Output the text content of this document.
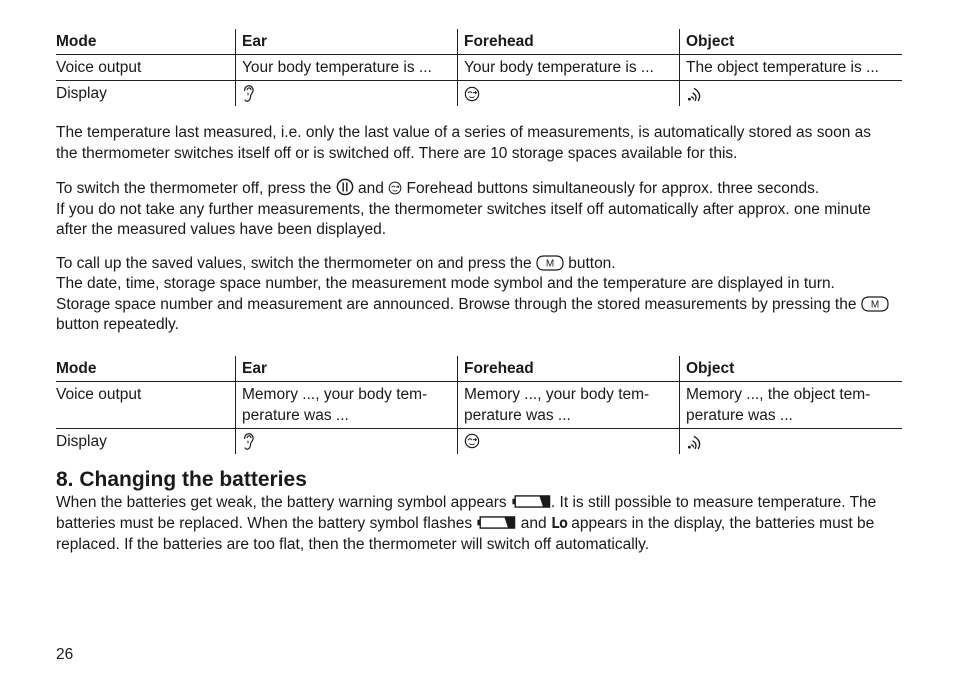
Mode	Ear	Forehead	Object
Voice output	Your body temperature is ...	Your body temperature is ...	The object temperature is ...
Display			

The temperature last measured, i.e. only the last value of a series of measurements, is automatically stored as soon as the thermometer switches itself off or is switched off. There are 10 storage spaces available for this.

To switch the thermometer off, press the  and  Forehead buttons simultaneously for approx. three seconds.
If you do not take any further measurements, the thermometer switches itself off automatically after approx. one minute after the measured values have been displayed.

To call up the saved values, switch the thermometer on and press the M button.
The date, time, storage space number, the measurement mode symbol and the temperature are displayed in turn. Storage space number and measurement are announced. Browse through the stored measurements by pressing the M
button repeatedly.

Mode	Ear	Forehead	Object
Voice output	Memory ..., your body tem-perature was ...	Memory ..., your body tem-perature was ...	Memory ..., the object tem-perature was ...
Display			
8. Changing the batteries

When the batteries get weak, the battery warning symbol appears	. It is still possible to measure temperature. The batteries must be replaced. When the battery symbol flashes	and Lo appears in the display, the batteries must be replaced. If the batteries are too flat, then the thermometer will switch off automatically.

26
